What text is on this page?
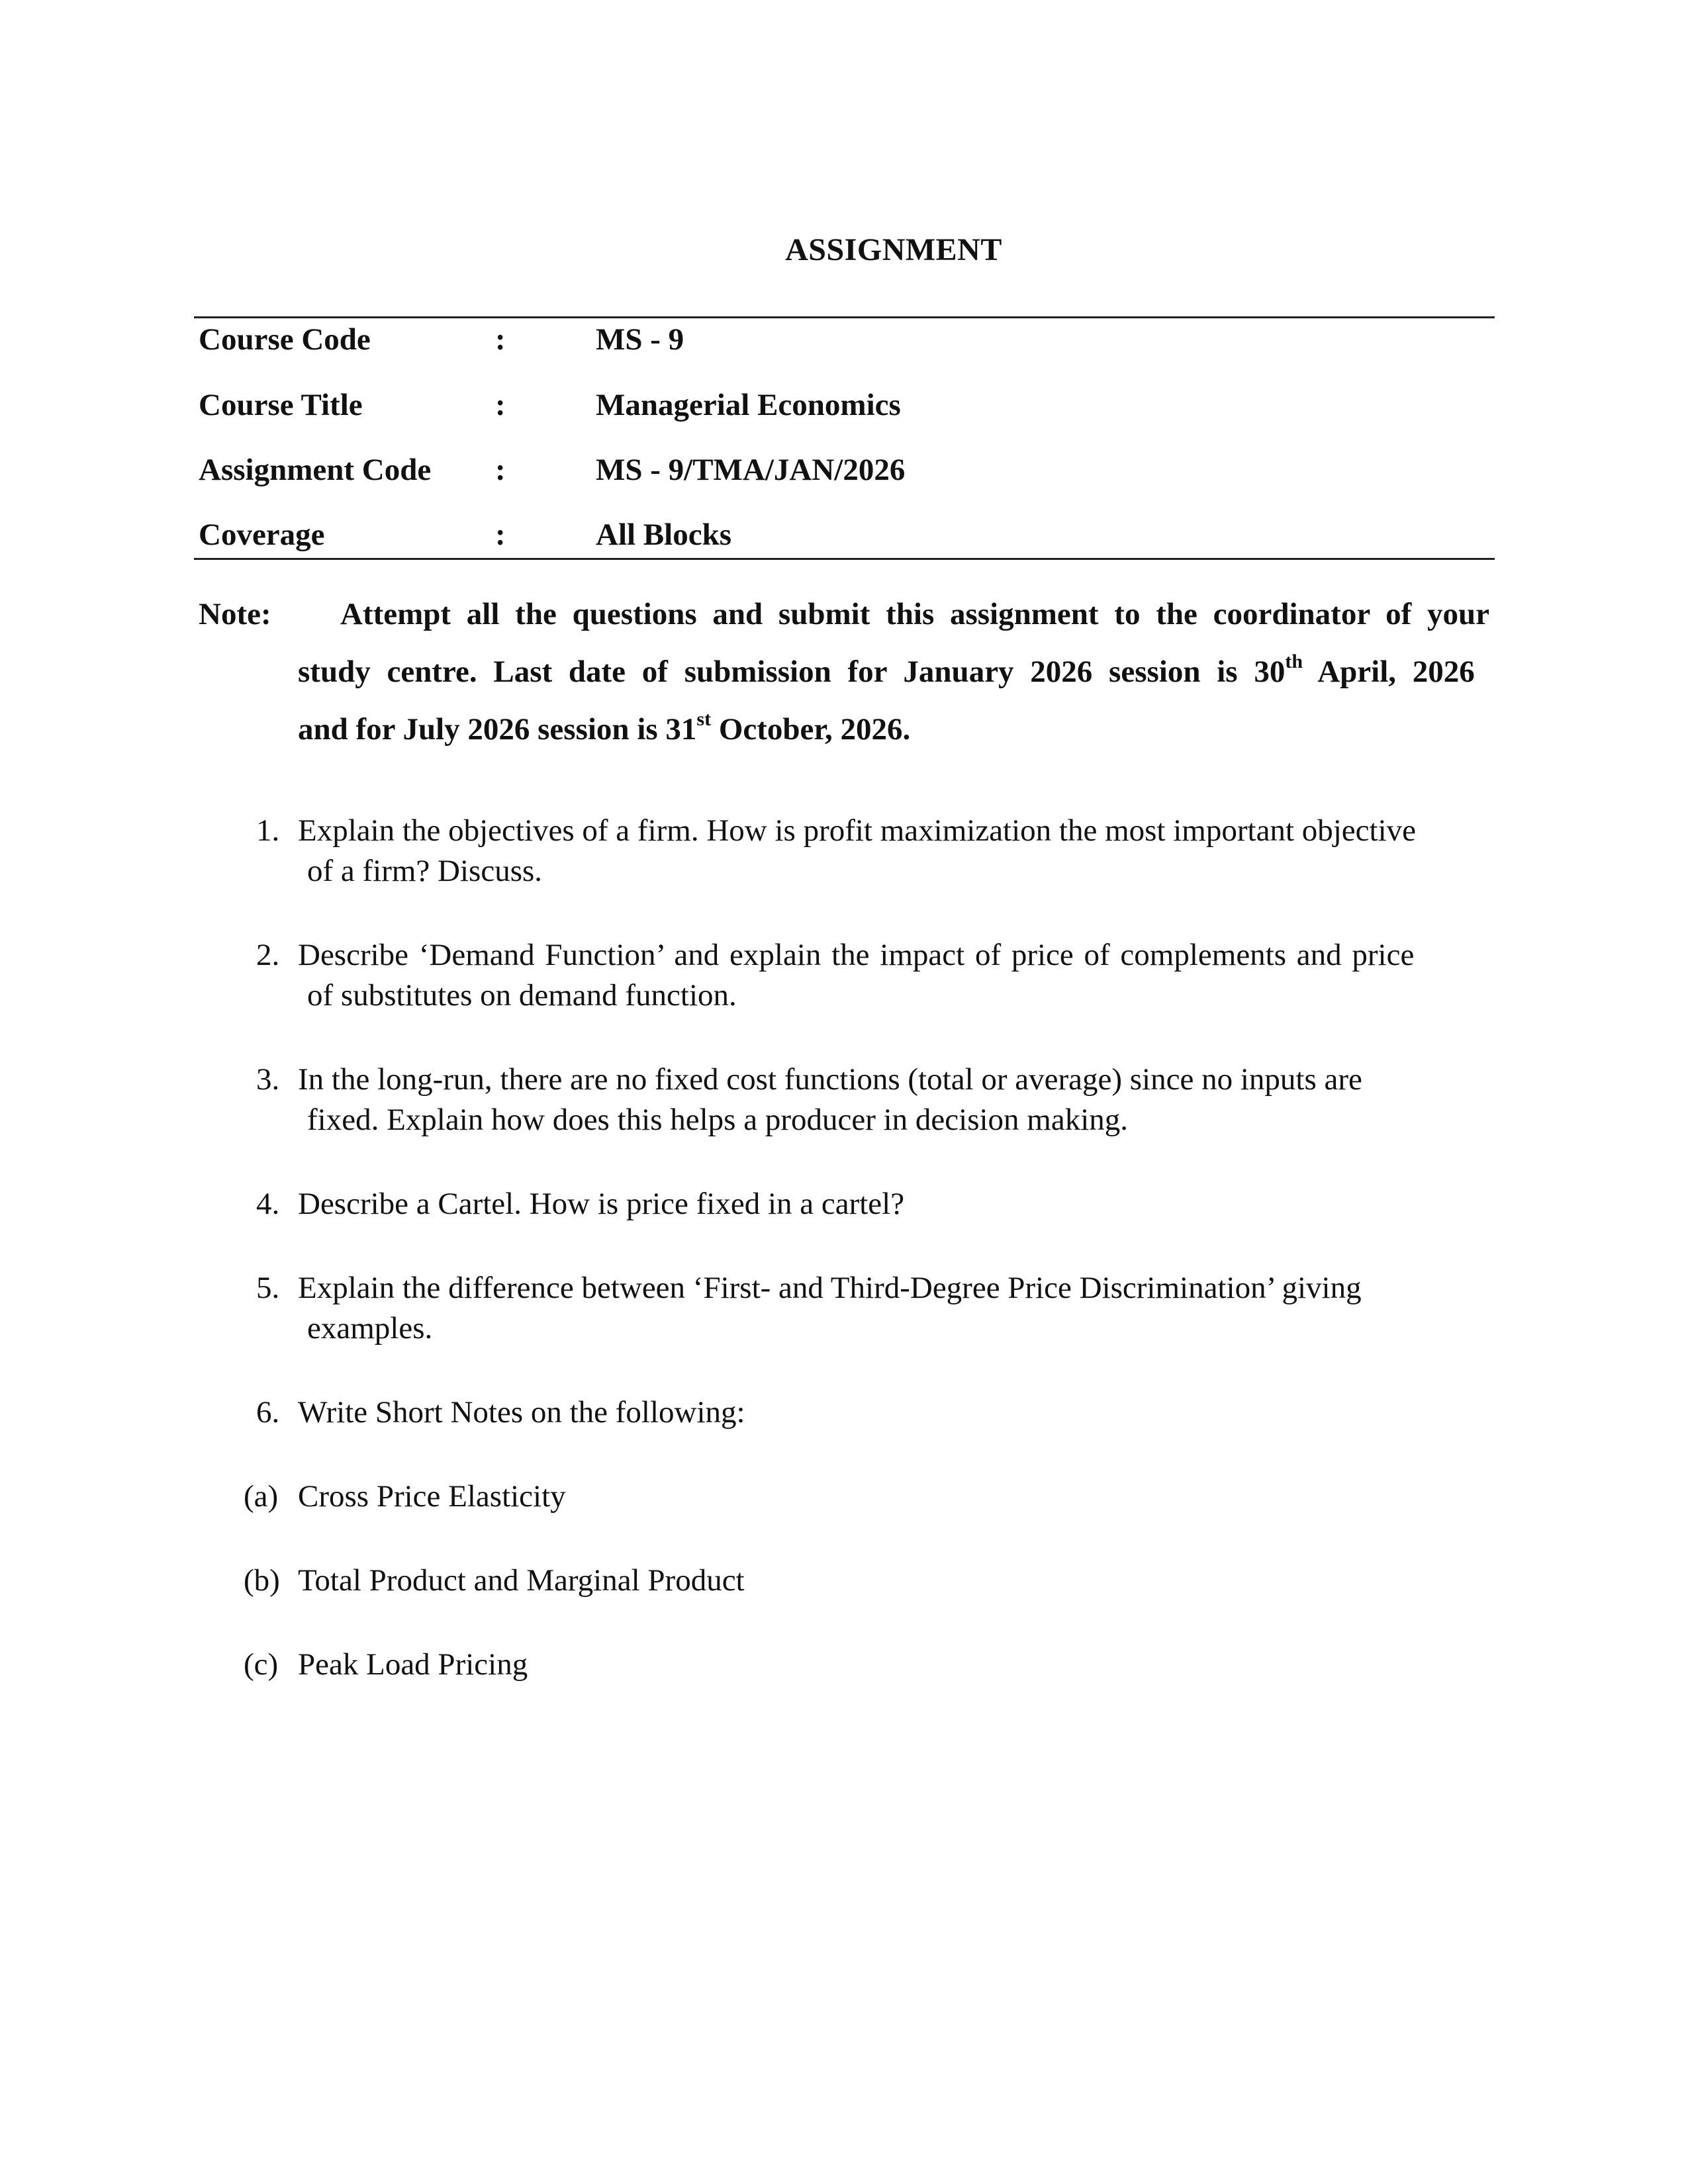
ASSIGNMENT
Course Code	:	MS - 9
Course Title	:	Managerial Economics
Assignment Code :	MS - 9/TMA/JAN/2026
Coverage	:	All Blocks
Note: Attempt all the questions and submit this assignment to the coordinator of your
study centre. Last date of submission for January 2026 session is 30th April, 2026
and for July 2026 session is 31st October, 2026.
1. Explain the objectives of a firm. How is profit maximization the most important objective
of a firm? Discuss.
2. Describe ‘Demand Function’ and explain the impact of price of complements and price
of substitutes on demand function.
3. In the long-run, there are no fixed cost functions (total or average) since no inputs are
fixed. Explain how does this helps a producer in decision making.
4. Describe a Cartel. How is price fixed in a cartel?
5. Explain the difference between ‘First- and Third-Degree Price Discrimination’ giving
examples.
6. Write Short Notes on the following:
(a) Cross Price Elasticity
(b) Total Product and Marginal Product
(c) Peak Load Pricing
